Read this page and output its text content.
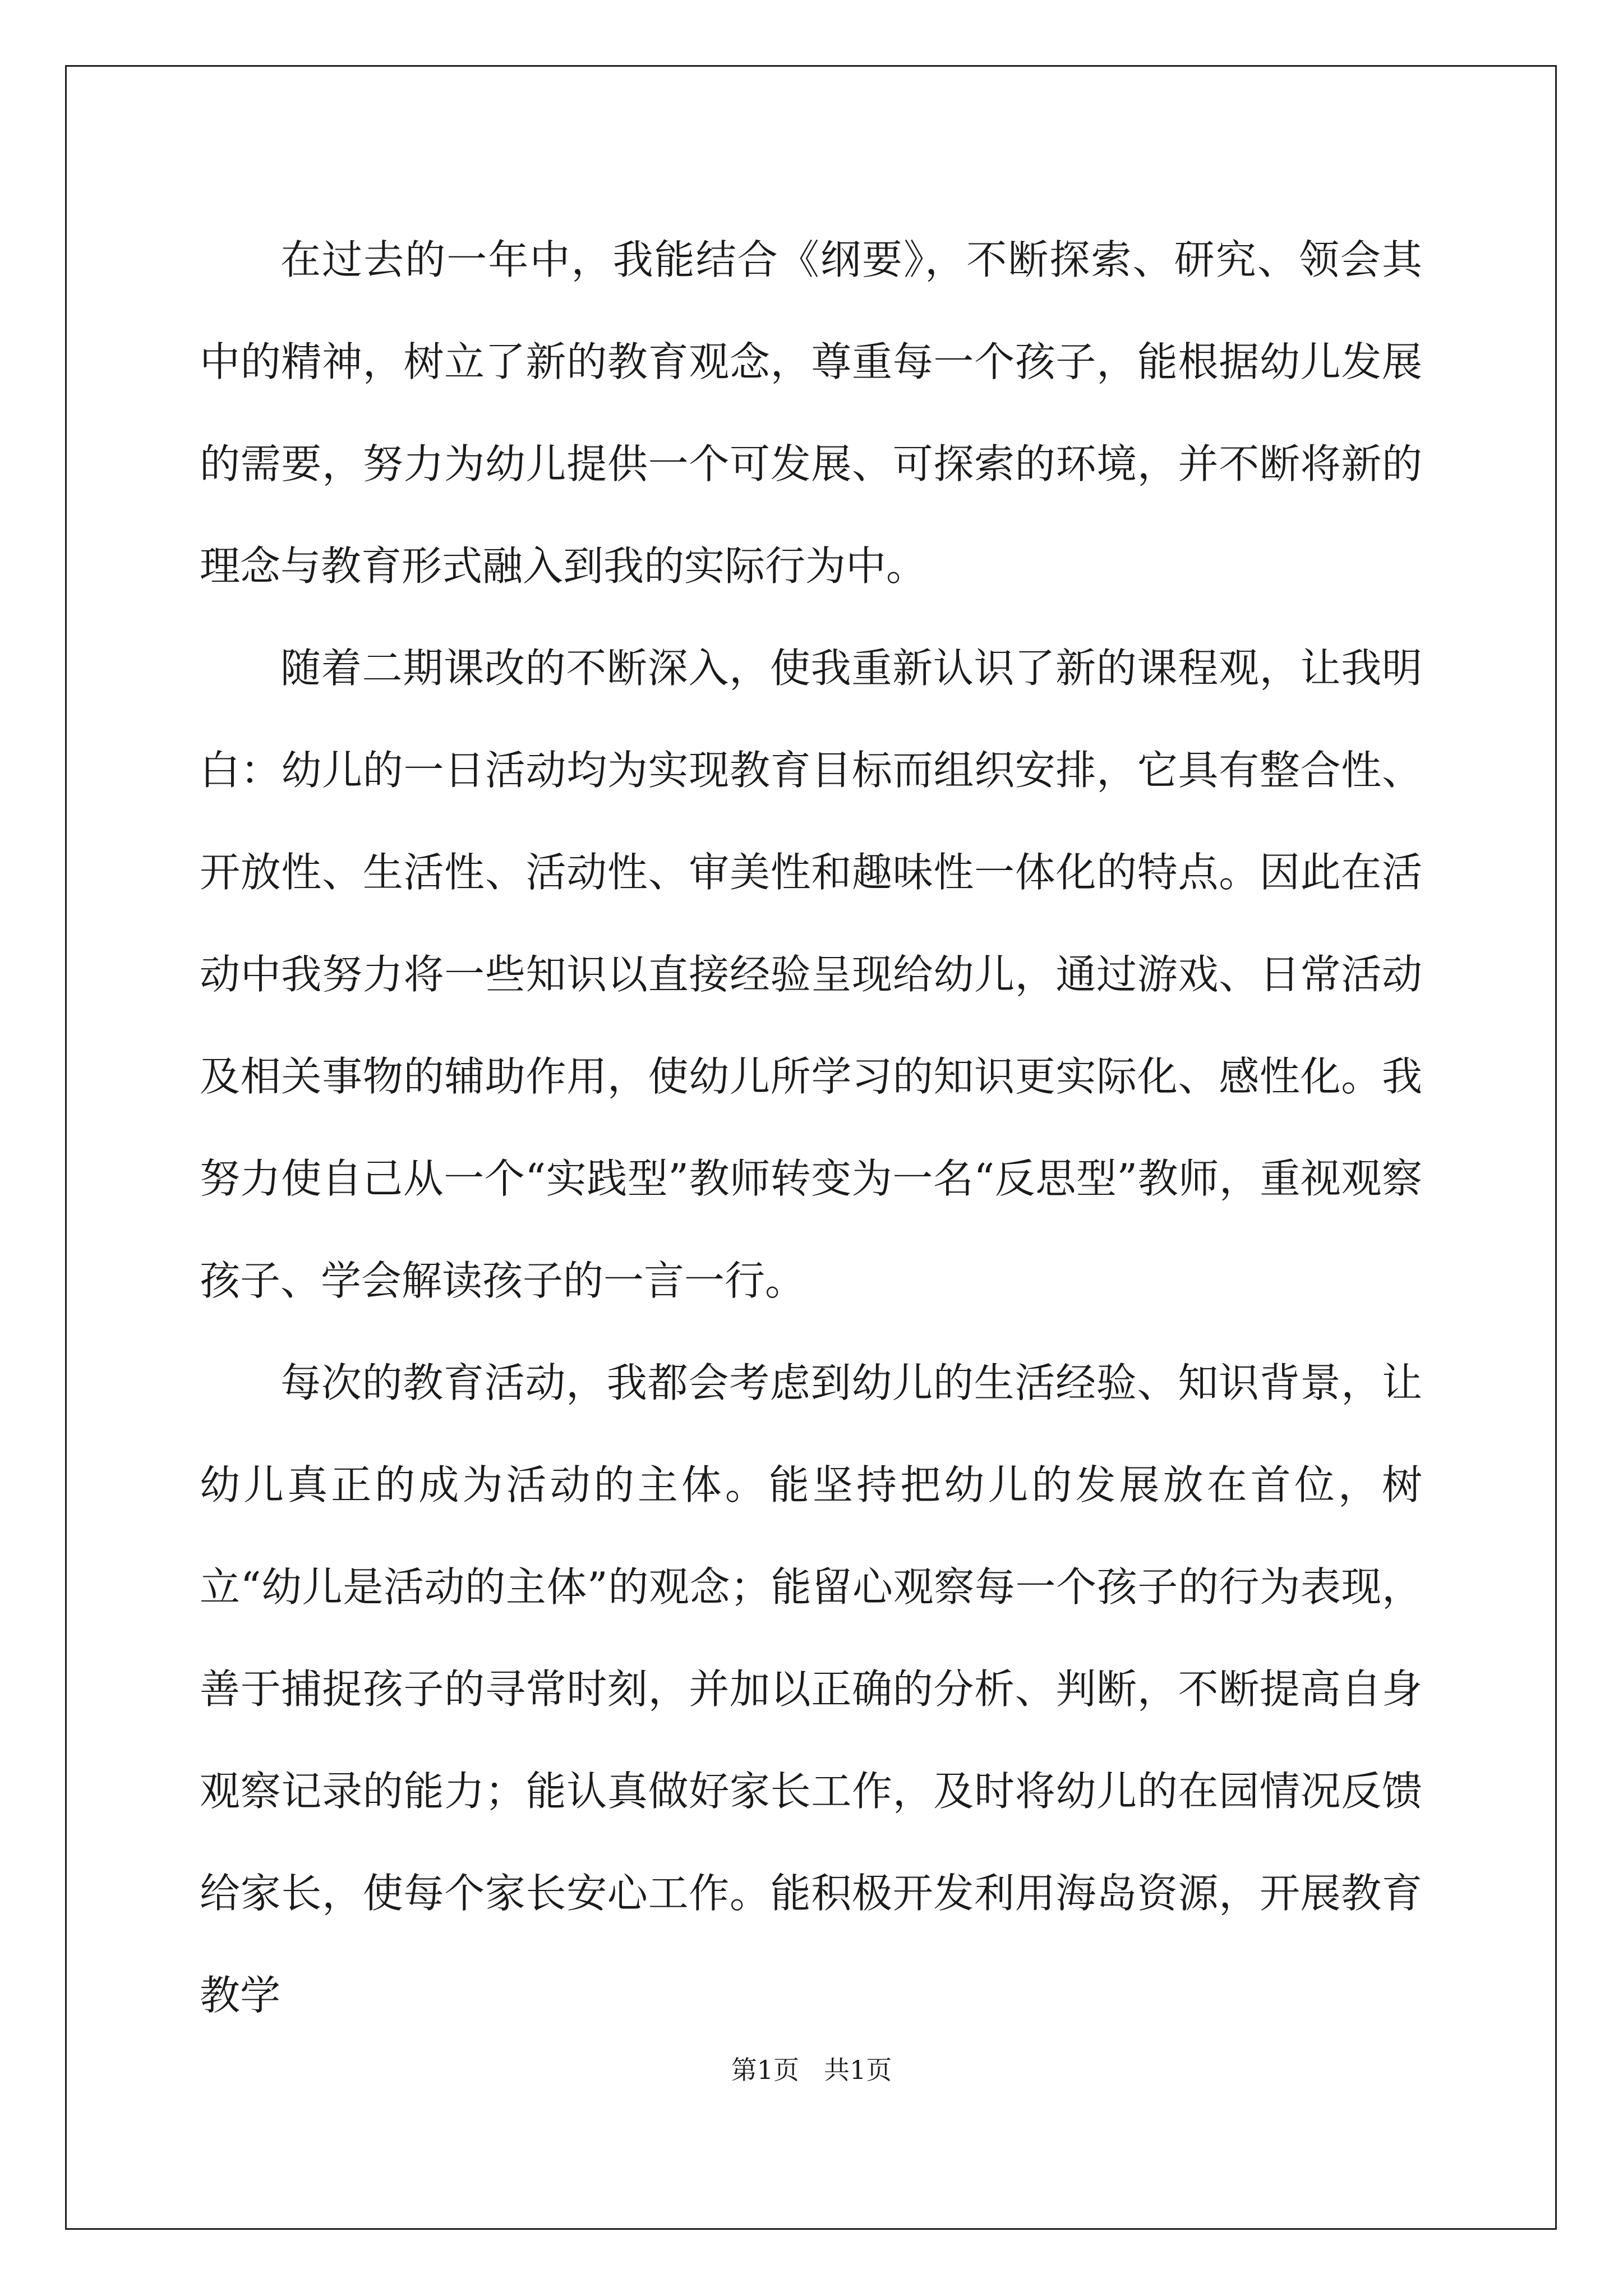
在过去的一年中，我能结合《纲要》，不断探索、研究、领会其中的精神，树立了新的教育观念，尊重每一个孩子，能根据幼儿发展的需要，努力为幼儿提供一个可发展、可探索的环境，并不断将新的理念与教育形式融入到我的实际行为中。

随着二期课改的不断深入，使我重新认识了新的课程观，让我明白：幼儿的一日活动均为实现教育目标而组织安排，它具有整合性、开放性、生活性、活动性、审美性和趣味性一体化的特点。因此在活动中我努力将一些知识以直接经验呈现给幼儿，通过游戏、日常活动及相关事物的辅助作用，使幼儿所学习的知识更实际化、感性化。我努力使自己从一个“实践型”教师转变为一名“反思型”教师，重视观察孩子、学会解读孩子的一言一行。

每次的教育活动，我都会考虑到幼儿的生活经验、知识背景，让幼儿真正的成为活动的主体。能坚持把幼儿的发展放在首位，树立“幼儿是活动的主体”的观念；能留心观察每一个孩子的行为表现，善于捕捉孩子的寻常时刻，并加以正确的分析、判断，不断提高自身观察记录的能力；能认真做好家长工作，及时将幼儿的在园情况反馈给家长，使每个家长安心工作。能积极开发利用海岛资源，开展教育教学

第1页 共1页
